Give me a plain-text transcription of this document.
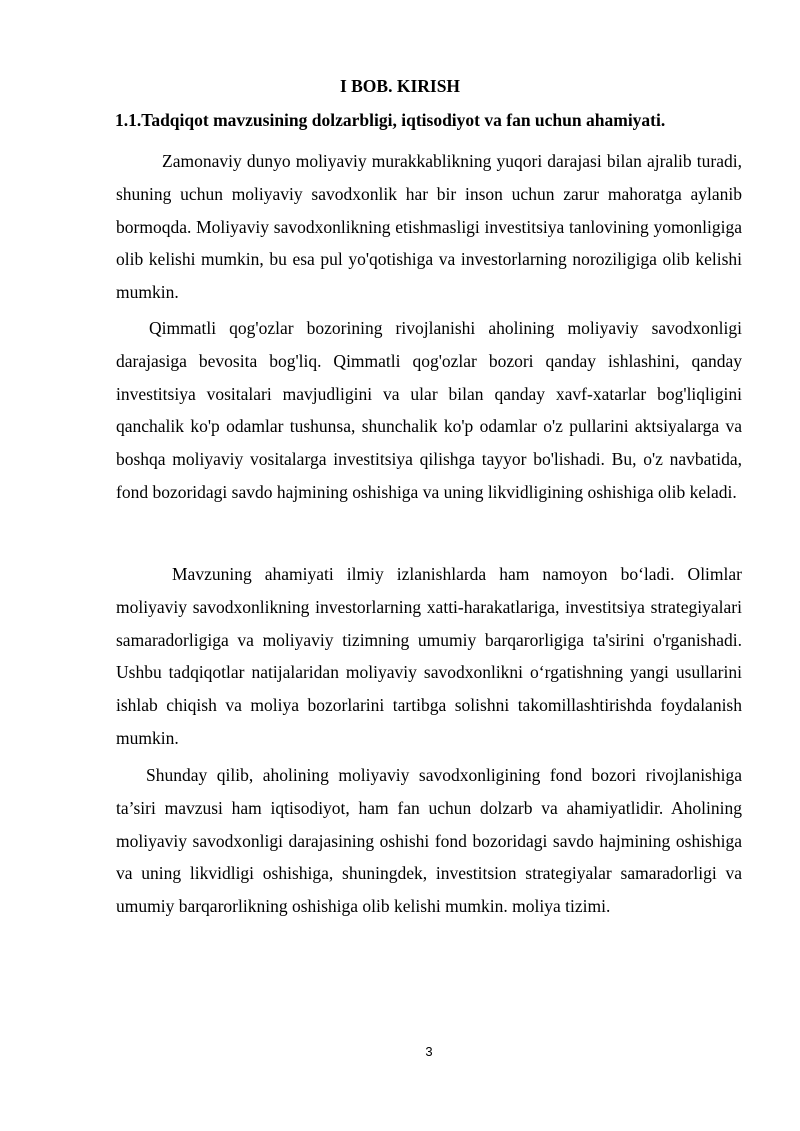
I BOB. KIRISH
1.1.Tadqiqot mavzusining dolzarbligi, iqtisodiyot va fan uchun ahamiyati.

Zamonaviy dunyo moliyaviy murakkablikning yuqori darajasi bilan ajralib turadi, shuning uchun moliyaviy savodxonlik har bir inson uchun zarur mahoratga aylanib bormoqda. Moliyaviy savodxonlikning etishmasligi investitsiya tanlovining yomonligiga olib kelishi mumkin, bu esa pul yo'qotishiga va investorlarning noroziligiga olib kelishi mumkin.

Qimmatli qog'ozlar bozorining rivojlanishi aholining moliyaviy savodxonligi darajasiga bevosita bog'liq. Qimmatli qog'ozlar bozori qanday ishlashini, qanday investitsiya vositalari mavjudligini va ular bilan qanday xavf-xatarlar bog'liqligini qanchalik ko'p odamlar tushunsa, shunchalik ko'p odamlar o'z pullarini aktsiyalarga va boshqa moliyaviy vositalarga investitsiya qilishga tayyor bo'lishadi. Bu, o'z navbatida, fond bozoridagi savdo hajmining oshishiga va uning likvidligining oshishiga olib keladi.

Mavzuning ahamiyati ilmiy izlanishlarda ham namoyon bo‘ladi. Olimlar moliyaviy savodxonlikning investorlarning xatti-harakatlariga, investitsiya strategiyalari samaradorligiga va moliyaviy tizimning umumiy barqarorligiga ta'sirini o'rganishadi. Ushbu tadqiqotlar natijalaridan moliyaviy savodxonlikni o‘rgatishning yangi usullarini ishlab chiqish va moliya bozorlarini tartibga solishni takomillashtirishda foydalanish mumkin.

Shunday qilib, aholining moliyaviy savodxonligining fond bozori rivojlanishiga ta’siri mavzusi ham iqtisodiyot, ham fan uchun dolzarb va ahamiyatlidir. Aholining moliyaviy savodxonligi darajasining oshishi fond bozoridagi savdo hajmining oshishiga va uning likvidligi oshishiga, shuningdek, investitsion strategiyalar samaradorligi va umumiy barqarorlikning oshishiga olib kelishi mumkin. moliya tizimi.

3
